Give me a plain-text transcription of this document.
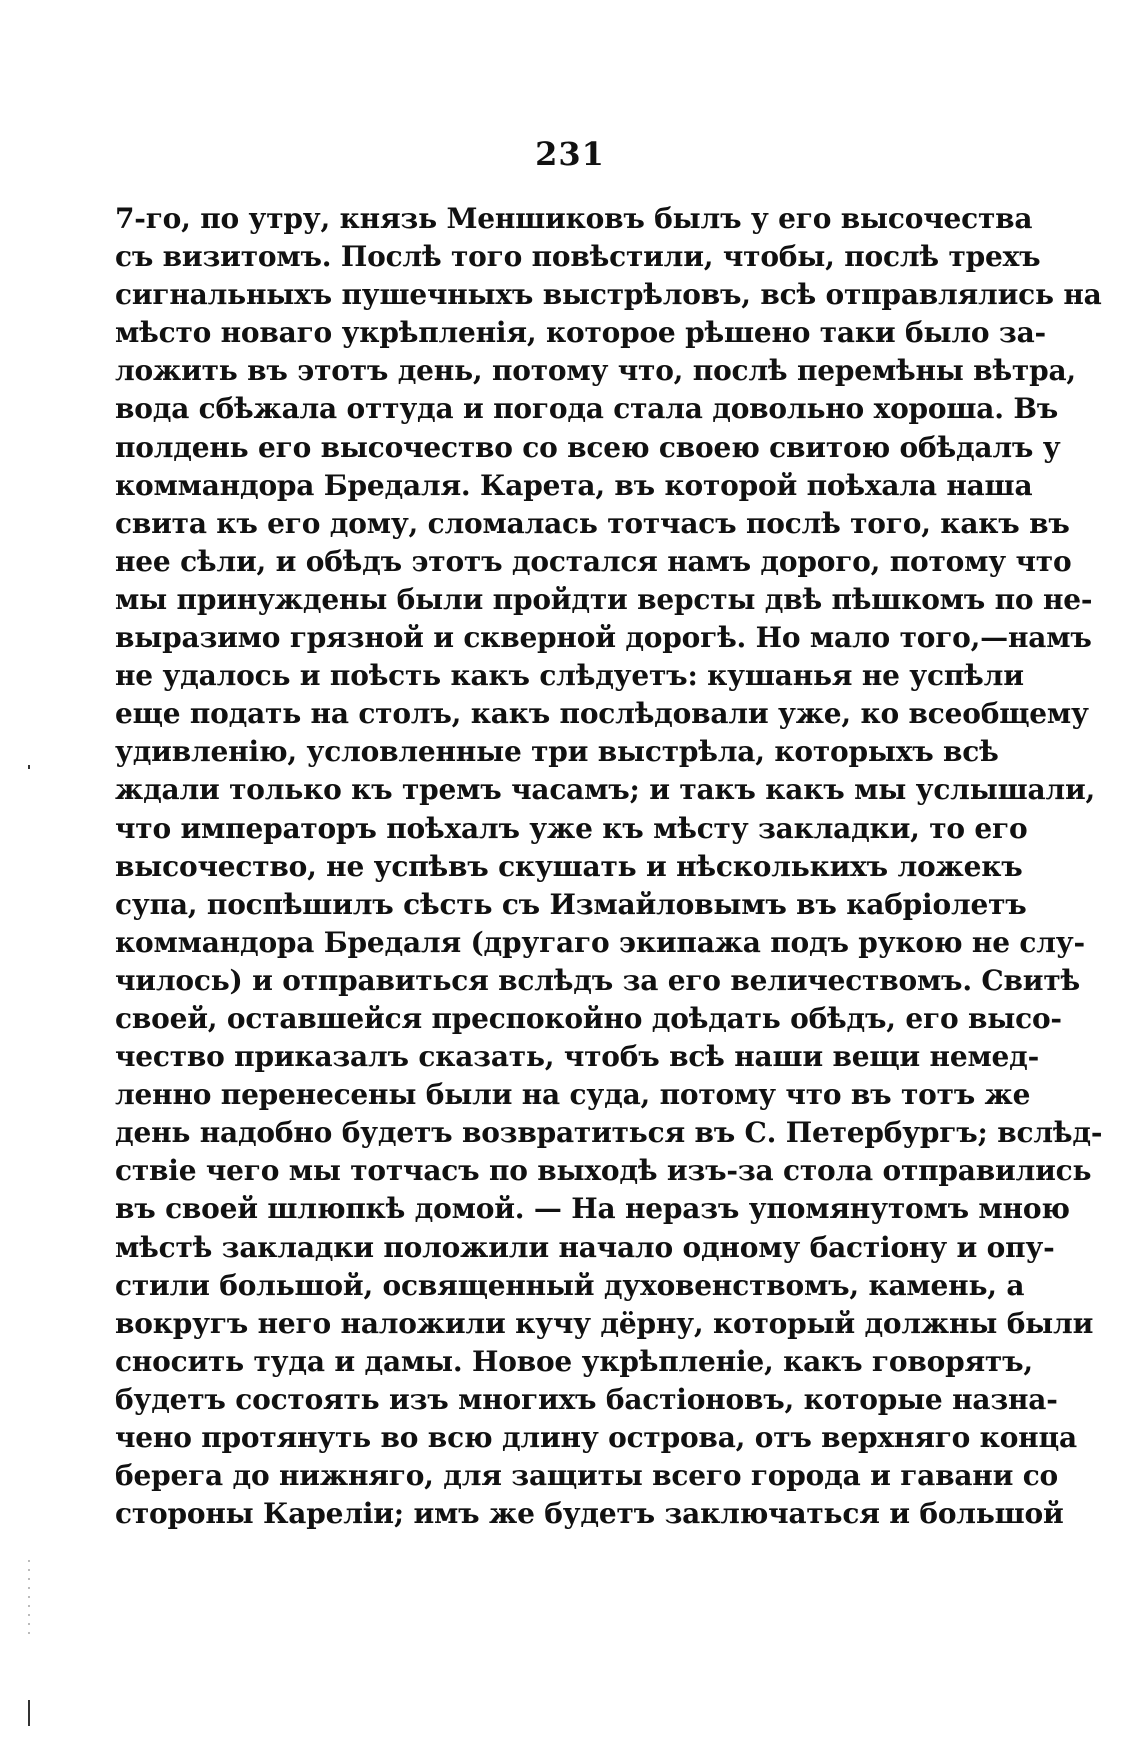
231
7-го, по утру, князь Меншиковъ былъ у его высочества
съ визитомъ. Послѣ того повѣстили, чтобы, послѣ трехъ
сигнальныхъ пушечныхъ выстрѣловъ, всѣ отправлялись на
мѣсто новаго укрѣпленія, которое рѣшено таки было за-
ложить въ этотъ день, потому что, послѣ перемѣны вѣтра,
вода сбѣжала оттуда и погода стала довольно хороша. Въ
полдень его высочество со всею своею свитою обѣдалъ у
коммандора Бредаля. Карета, въ которой поѣхала наша
свита къ его дому, сломалась тотчасъ послѣ того, какъ въ
нее сѣли, и обѣдъ этотъ достался намъ дорого, потому что
мы принуждены были пройдти версты двѣ пѣшкомъ по не-
выразимо грязной и скверной дорогѣ. Но мало того,—намъ
не удалось и поѣсть какъ слѣдуетъ: кушанья не успѣли
еще подать на столъ, какъ послѣдовали уже, ко всеобщему
удивленію, условленные три выстрѣла, которыхъ всѣ
ждали только къ тремъ часамъ; и такъ какъ мы услышали,
что императоръ поѣхалъ уже къ мѣсту закладки, то его
высочество, не успѣвъ скушать и нѣсколькихъ ложекъ
супа, поспѣшилъ сѣсть съ Измайловымъ въ кабріолетъ
коммандора Бредаля (другаго экипажа подъ рукою не слу-
чилось) и отправиться вслѣдъ за его величествомъ. Свитѣ
своей, оставшейся преспокойно доѣдать обѣдъ, его высо-
чество приказалъ сказать, чтобъ всѣ наши вещи немед-
ленно перенесены были на суда, потому что въ тотъ же
день надобно будетъ возвратиться въ С. Петербургъ; вслѣд-
ствіе чего мы тотчасъ по выходѣ изъ-за стола отправились
въ своей шлюпкѣ домой. — На неразъ упомянутомъ мною
мѣстѣ закладки положили начало одному бастіону и опу-
стили большой, освященный духовенствомъ, камень, а
вокругъ него наложили кучу дёрну, который должны были
сносить туда и дамы. Новое укрѣпленіе, какъ говорятъ,
будетъ состоять изъ многихъ бастіоновъ, которые назна-
чено протянуть во всю длину острова, отъ верхняго конца
берега до нижняго, для защиты всего города и гавани со
стороны Кареліи; имъ же будетъ заключаться и большой
